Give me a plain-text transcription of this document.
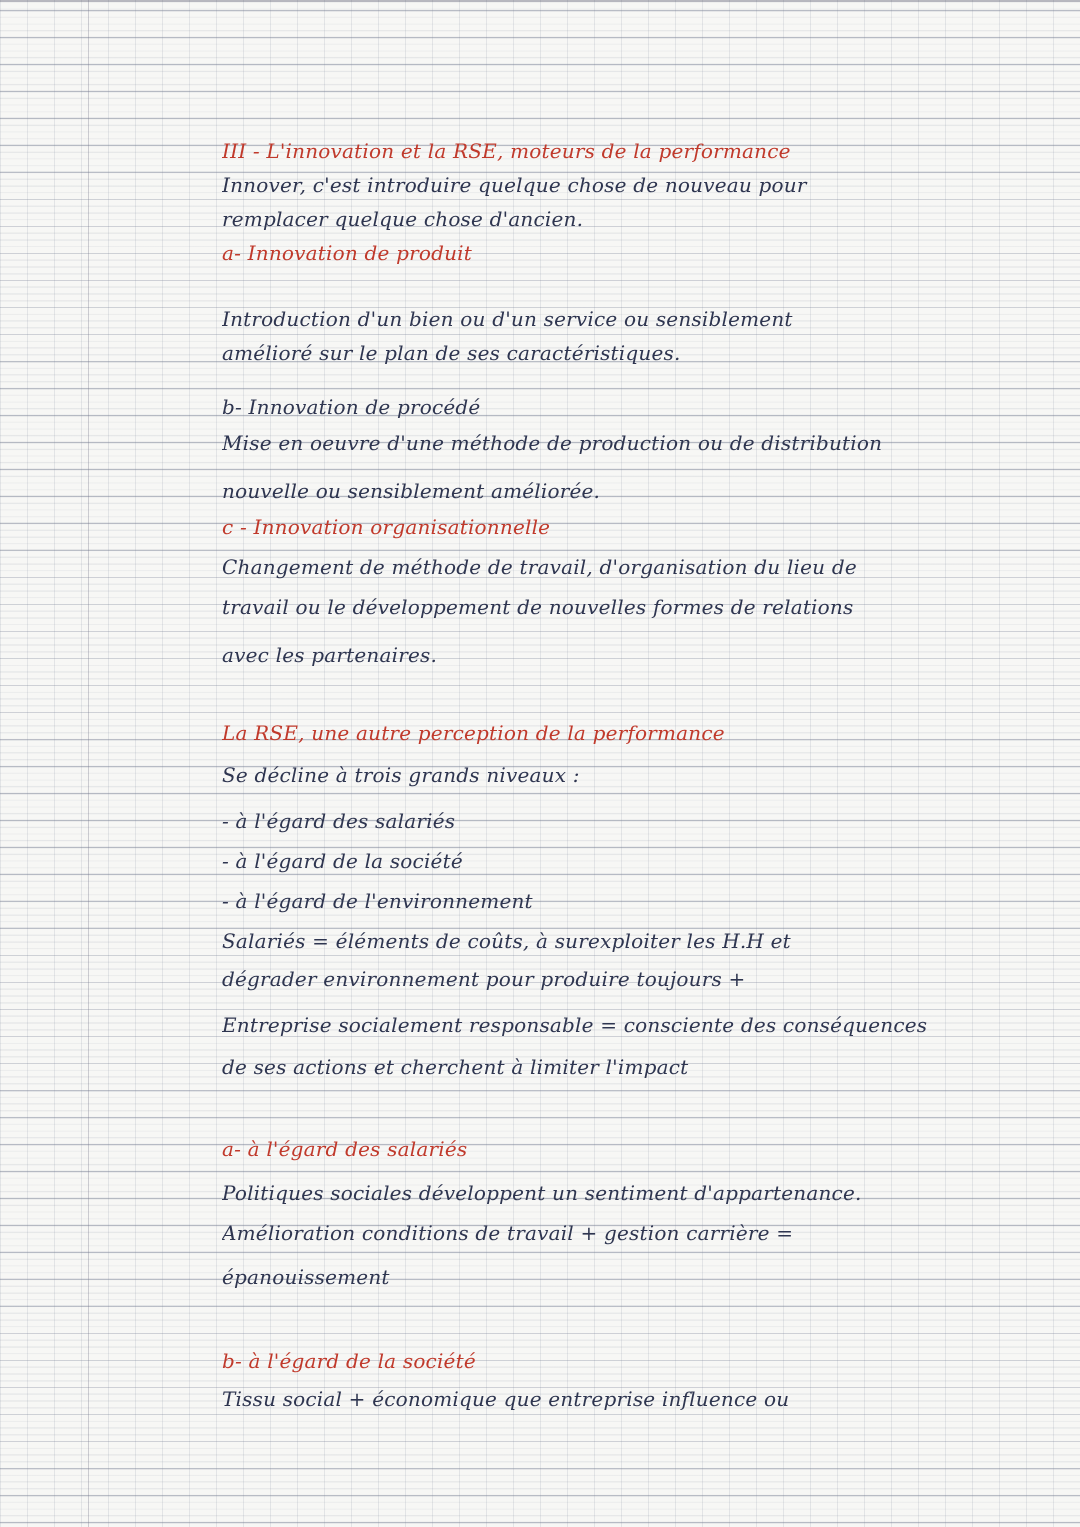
III - L'innovation et la RSE, moteurs de la performance
Innover, c'est introduire quelque chose de nouveau pour
remplacer quelque chose d'ancien.
a- Innovation de produit
Introduction d'un bien ou d'un service ou sensiblement
amélioré sur le plan de ses caractéristiques.
b- Innovation de procédé
Mise en oeuvre d'une méthode de production ou de distribution
nouvelle ou sensiblement améliorée.
c - Innovation organisationnelle
Changement de méthode de travail, d'organisation du lieu de
travail ou le développement de nouvelles formes de relations
avec les partenaires.
La RSE, une autre perception de la performance
Se décline à trois grands niveaux :
- à l'égard des salariés
- à l'égard de la société
- à l'égard de l'environnement
Salariés = éléments de coûts, à surexploiter les H.H et
dégrader environnement pour produire toujours +
Entreprise socialement responsable = consciente des conséquences
de ses actions et cherchent à limiter l'impact
a- à l'égard des salariés
Politiques sociales développent un sentiment d'appartenance.
Amélioration conditions de travail + gestion carrière =
épanouissement
b- à l'égard de la société
Tissu social + économique que entreprise influence ou
